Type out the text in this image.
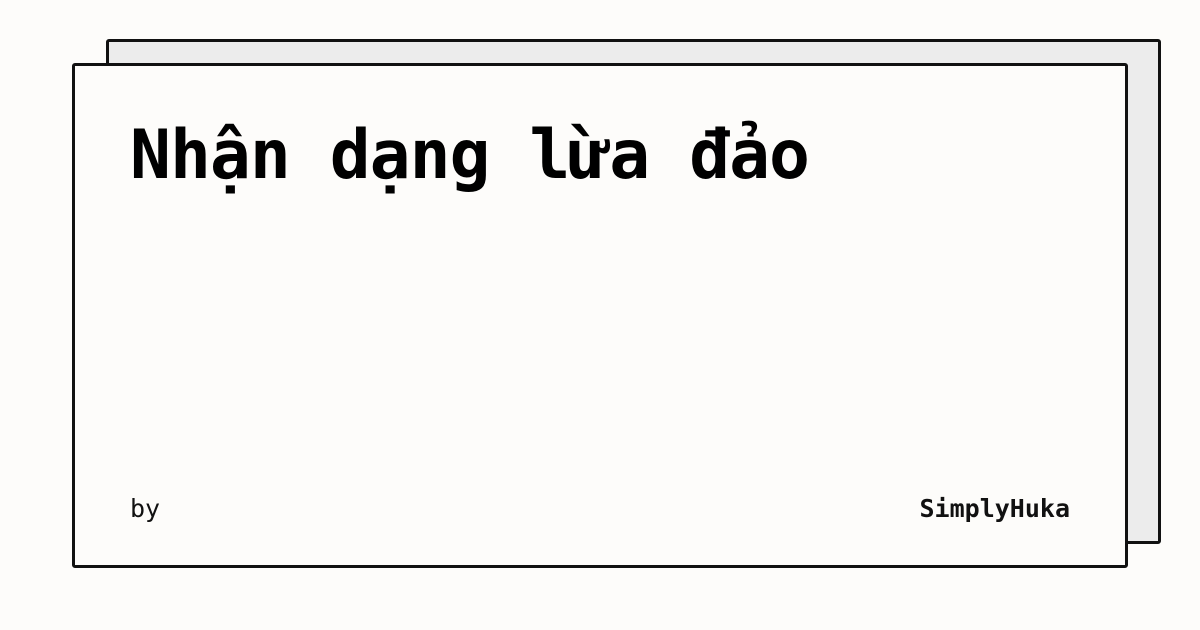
Nhận dạng lừa đảo
by	SimplyHuka
